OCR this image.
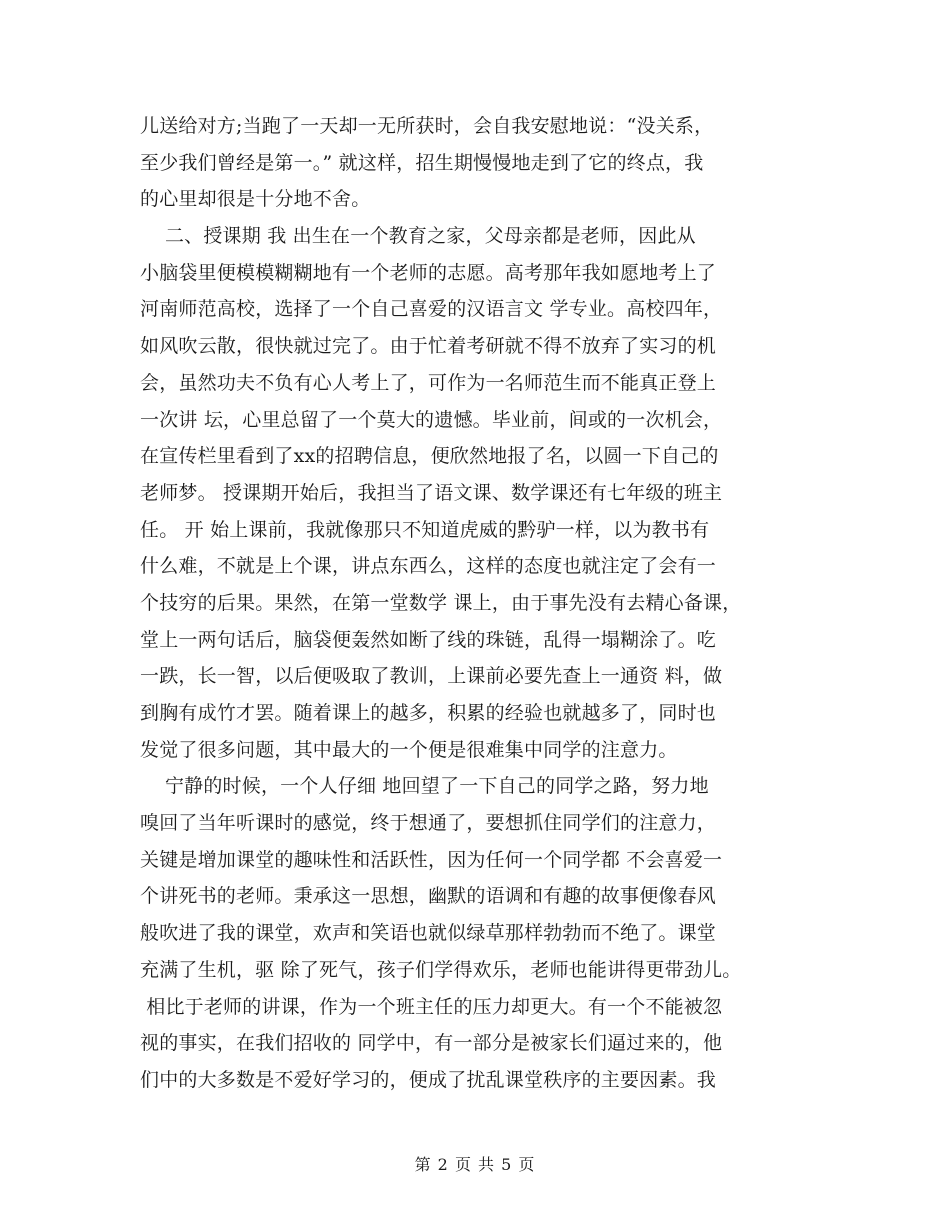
儿送给对方;当跑了一天却一无所获时，会自我安慰地说：“没关系，
至少我们曾经是第一。” 就这样，招生期慢慢地走到了它的终点，我
的心里却很是十分地不舍。
二、授课期 我 出生在一个教育之家，父母亲都是老师，因此从
小脑袋里便模模糊糊地有一个老师的志愿。高考那年我如愿地考上了
河南师范高校，选择了一个自己喜爱的汉语言文 学专业。高校四年，
如风吹云散，很快就过完了。由于忙着考研就不得不放弃了实习的机
会，虽然功夫不负有心人考上了，可作为一名师范生而不能真正登上
一次讲 坛，心里总留了一个莫大的遗憾。毕业前，间或的一次机会，
在宣传栏里看到了xx的招聘信息，便欣然地报了名，以圆一下自己的
老师梦。 授课期开始后，我担当了语文课、数学课还有七年级的班主
任。 开 始上课前，我就像那只不知道虎威的黔驴一样，以为教书有
什么难，不就是上个课，讲点东西么，这样的态度也就注定了会有一
个技穷的后果。果然，在第一堂数学 课上，由于事先没有去精心备课，
堂上一两句话后，脑袋便轰然如断了线的珠链，乱得一塌糊涂了。吃
一跌，长一智，以后便吸取了教训，上课前必要先查上一通资 料，做
到胸有成竹才罢。随着课上的越多，积累的经验也就越多了，同时也
发觉了很多问题，其中最大的一个便是很难集中同学的注意力。
宁静的时候，一个人仔细 地回望了一下自己的同学之路，努力地
嗅回了当年听课时的感觉，终于想通了，要想抓住同学们的注意力，
关键是增加课堂的趣味性和活跃性，因为任何一个同学都 不会喜爱一
个讲死书的老师。秉承这一思想，幽默的语调和有趣的故事便像春风
般吹进了我的课堂，欢声和笑语也就似绿草那样勃勃而不绝了。课堂
充满了生机，驱 除了死气，孩子们学得欢乐，老师也能讲得更带劲儿。
相比于老师的讲课，作为一个班主任的压力却更大。有一个不能被忽
视的事实，在我们招收的 同学中，有一部分是被家长们逼过来的，他
们中的大多数是不爱好学习的，便成了扰乱课堂秩序的主要因素。我
第 2 页 共 5 页
